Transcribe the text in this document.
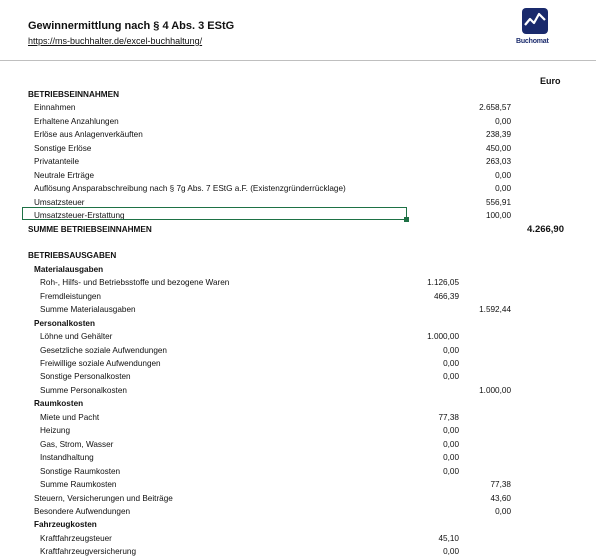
Gewinnermittlung nach § 4 Abs. 3 EStG
https://ms-buchhalter.de/excel-buchhaltung/	Buchomat
Euro
BETRIEBSEINNAHMEN
Einnahmen	2.658,57
Erhaltene Anzahlungen	0,00
Erlöse aus Anlagenverkäuften	238,39
Sonstige Erlöse	450,00
Privatanteile	263,03
Neutrale Erträge	0,00
Auflösung Ansparabschreibung nach § 7g Abs. 7 EStG a.F. (Existenzgründerrücklage)	0,00
Umsatzsteuer	556,91
Umsatzsteuer-Erstattung	100,00
SUMME BETRIEBSEINNAHMEN	4.266,90
BETRIEBSAUSGABEN
Materialausgaben
Roh-, Hilfs- und Betriebsstoffe und bezogene Waren	1.126,05
Fremdleistungen	466,39
Summe Materialausgaben	1.592,44
Personalkosten
Löhne und Gehälter	1.000,00
Gesetzliche soziale Aufwendungen	0,00
Freiwillige soziale Aufwendungen	0,00
Sonstige Personalkosten	0,00
Summe Personalkosten	1.000,00
Raumkosten
Miete und Pacht	77,38
Heizung	0,00
Gas, Strom, Wasser	0,00
Instandhaltung	0,00
Sonstige Raumkosten	0,00
Summe Raumkosten	77,38
Steuern, Versicherungen und Beiträge	43,60
Besondere Aufwendungen	0,00
Fahrzeugkosten
Kraftfahrzeugsteuer	45,10
Kraftfahrzeugversicherung	0,00
